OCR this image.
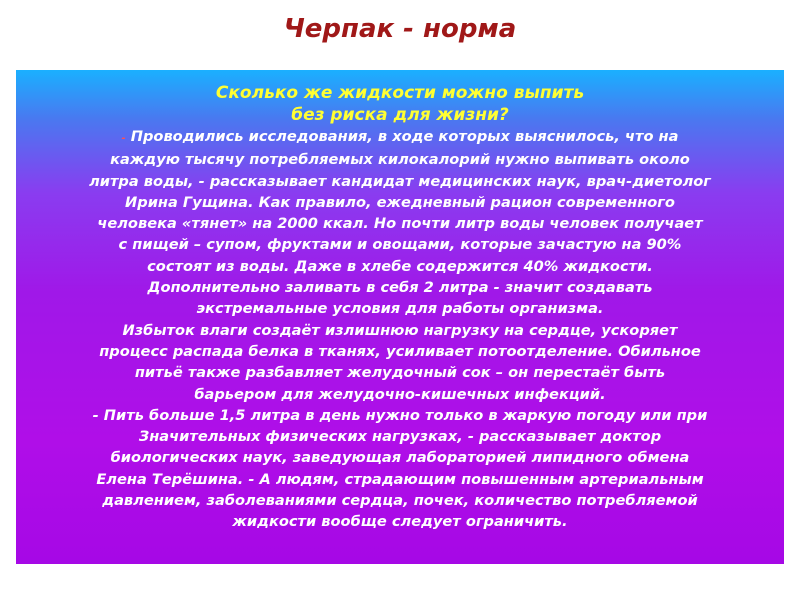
Черпак - норма
Сколько же жидкости можно выпить
без риска для жизни?
- Проводились исследования, в ходе которых выяснилось, что на
каждую тысячу потребляемых килокалорий нужно выпивать около
литра воды, - рассказывает кандидат медицинских наук, врач-диетолог
Ирина Гущина. Как правило, ежедневный рацион современного
человека «тянет» на 2000 ккал. Но почти литр воды человек получает
с пищей – супом, фруктами и овощами, которые зачастую на 90%
состоят из воды. Даже в хлебе содержится 40% жидкости.
Дополнительно заливать в себя 2 литра - значит создавать
экстремальные условия для работы организма.
Избыток влаги создаёт излишнюю нагрузку на сердце, ускоряет
процесс распада белка в тканях, усиливает потоотделение. Обильное
питьё также разбавляет желудочный сок – он перестаёт быть
барьером для желудочно-кишечных инфекций.
- Пить больше 1,5 литра в день нужно только в жаркую погоду или при
Значительных физических нагрузках, - рассказывает доктор
биологических наук, заведующая лабораторией липидного обмена
Елена Терёшина. - А людям, страдающим повышенным артериальным
давлением, заболеваниями сердца, почек, количество потребляемой
жидкости вообще следует ограничить.
